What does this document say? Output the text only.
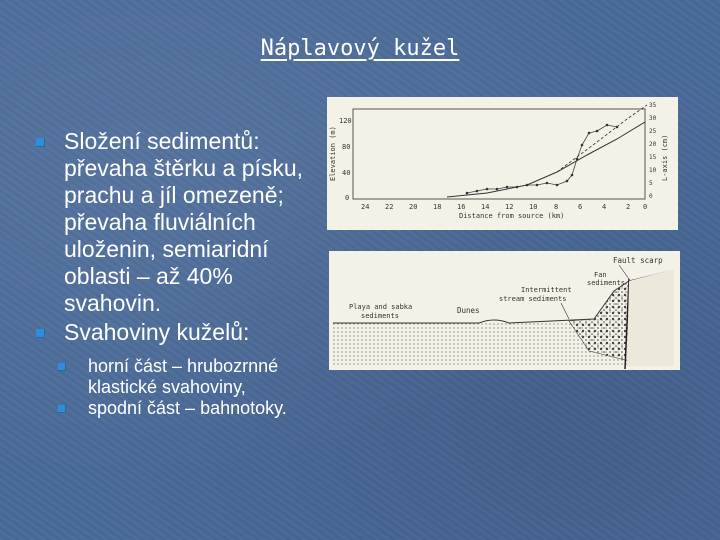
Náplavový kužel
Složení sedimentů:
převaha štěrku a písku,
prachu a jíl omezeně;
převaha fluviálních
uloženin, semiaridní
oblasti – až 40%
svahovin.
Svahoviny kuželů:
horní část – hrubozrnné
klastické svahoviny,
spodní část – bahnotoky.
Elevation (m)	L-axis (cm)
120
80
40
0
35
30
25
20
15
10
5
0
24 22 20 18 16 14 12 10 8	6	4	2 0
Distance from source (km)
Fault scarp
Fan
sediments
Intermittent
stream sediments
Playa and sabka
sediments
Dunes
